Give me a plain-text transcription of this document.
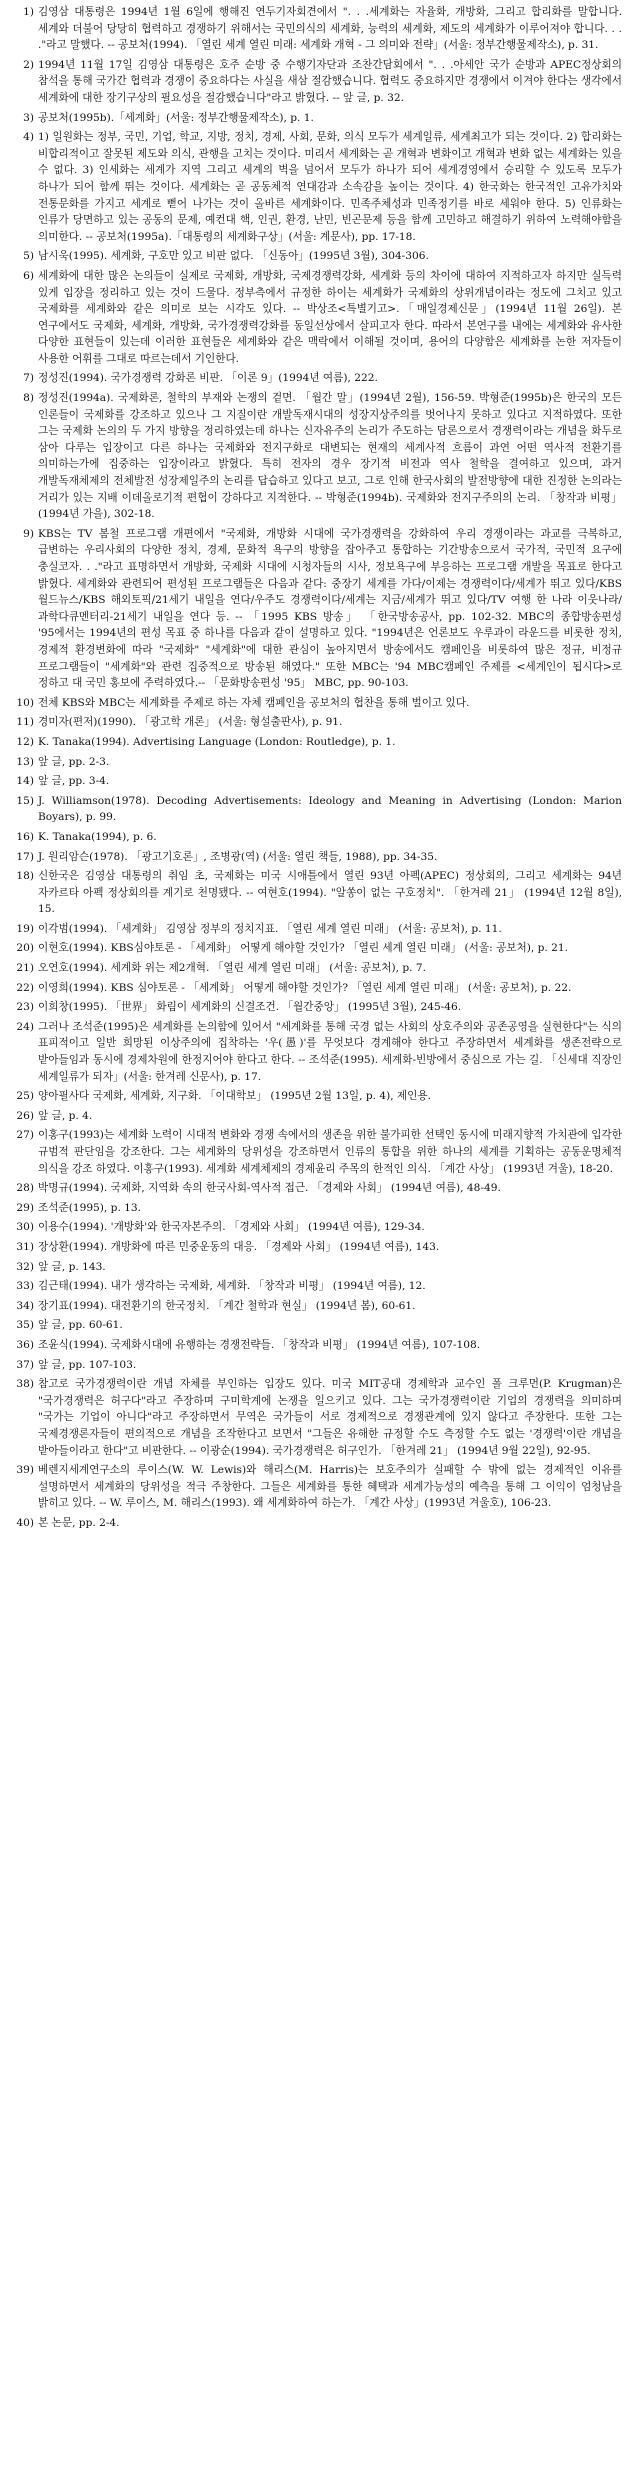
1) 김영삼 대통령은 1994년 1월 6일에 행해진 연두기자회견에서 ". . .세계화는 자율화, 개방화, 그리고 합리화를 말합니다. 세계와 더불어 당당히 협력하고 경쟁하기 위해서는 국민의식의 세계화, 능력의 세계화, 제도의 세계화가 이루어져야 합니다. . . ."라고 말했다. -- 공보처(1994). 「열린 세계 열린 미래: 세계화 개혁 - 그 의미와 전략」(서울: 정부간행물제작소), p. 31.
2) 1994년 11월 17일 김영삼 대통령은 호주 순방 중 수행기자단과 조찬간담회에서 ". . .아세안 국가 순방과 APEC정상회의 참석을 통해 국가간 협력과 경쟁이 중요하다는 사실을 새삼 절감했습니다. 협력도 중요하지만 경쟁에서 이겨야 한다는 생각에서 세계화에 대한 장기구상의 필요성을 절감했습니다"라고 밝혔다. -- 앞 글, p. 32.
3) 공보처(1995b).「세계화」(서울: 정부간행물제작소), p. 1.
4) 1) 일원화는 정부, 국민, 기업, 학교, 지방, 정치, 경제, 사회, 문화, 의식 모두가 세계일류, 세계최고가 되는 것이다. 2) 합리화는 비합리적이고 잘못된 제도와 의식, 관행을 고치는 것이다. 미리서 세계화는 곧 개혁과 변화이고 개혁과 변화 없는 세계화는 있을 수 없다. 3) 인세화는 세계가 지역 그리고 세계의 벽을 넘어서 모두가 하나가 되어 세계경영에서 승리할 수 있도록 모두가 하나가 되어 함께 뛰는 것이다. 세계화는 곧 공동체적 연대감과 소속감을 높이는 것이다. 4) 한국화는 한국적인 고유가치와 전통문화를 가지고 세계로 뻗어 나가는 것이 올바른 세계화이다. 민족주체성과 민족정기를 바로 세워야 한다. 5) 인류화는 인류가 당면하고 있는 공동의 문제, 예컨대 핵, 인권, 환경, 난민, 빈곤문제 등을 함께 고민하고 해결하기 위하여 노력해야함을 의미한다. -- 공보처(1995a).「대통령의 세계화구상」(서울: 계문사), pp. 17-18.
5) 남시욱(1995). 세계화, 구호만 있고 비판 없다. 「신동아」(1995년 3월), 304-306.
6) 세계화에 대한 많은 논의들이 실제로 국제화, 개방화, 국제경쟁력강화, 세계화 등의 차이에 대하여 지적하고자 하지만 실득력 있게 입장을 정리하고 있는 것이 드물다. 정부측에서 규정한 하이는 세계화가 국제화의 상위개념이라는 정도에 그치고 있고 국제화를 세계화와 같은 의미로 보는 시각도 있다. -- 박상조<특별기고>.「매일경제신문」(1994년 11월 26일). 본 연구에서도 국제화, 세계화, 개방화, 국가경쟁력강화를 동일선상에서 살피고자 한다. 따라서 본연구를 내에는 세계화와 유사한 다양한 표현들이 있는데 이러한 표현들은 세계화와 같은 맥락에서 이해될 것이며, 용어의 다양함은 세계화를 논한 저자들이 사용한 어휘를 그대로 따르는데서 기인한다.
7) 정성진(1994). 국가경쟁력 강화론 비판. 「이론 9」(1994년 여름), 222.
8) 정성진(1994a). 국제화론, 철학의 부재와 논쟁의 겉면. 「월간 말」(1994년 2월), 156-59. 박형준(1995b)은 한국의 모든 인론들이 국제화를 강조하고 있으나 그 지질이란 개발독재시대의 성장지상주의를 벗어나지 못하고 있다고 지적하였다. 또한 그는 국제화 논의의 두 가지 방향을 정리하였는데 하나는 신자유주의 논리가 주도하는 담론으로서 경쟁력이라는 개념을 화두로 삼아 다루는 입장이고 다른 하나는 국제화와 전지구화로 대변되는 현재의 세계사적 흐름이 과연 어떤 역사적 전환기를 의미하는가에 집중하는 입장이라고 밝혔다. 특히 전자의 경우 장기적 비전과 역사 철학을 결여하고 있으며, 과거 개발독재체제의 전체발전 성장제일주의 논리를 답습하고 있다고 보고, 그로 인해 한국사회의 발전방향에 대한 진정한 논의라는 거리가 있는 지배 이데올로기적 편협이 강하다고 지적한다. -- 박형준(1994b). 국제화와 전지구주의의 논리. 「창작과 비평」(1994년 가을), 302-18.
9) KBS는 TV 봄철 프로그램 개편에서 "국제화, 개방화 시대에 국가경쟁력을 강화하여 우리 경쟁이라는 과교를 극복하고, 급변하는 우리사회의 다양한 정치, 경제, 문화적 욕구의 방향을 잡아주고 통합하는 기간방송으로서 국가적, 국민적 요구에 충실코자. . ."라고 표명하면서 개방화, 국제화 시대에 시청자들의 시사, 정보욕구에 부응하는 프로그램 개발을 목표로 한다고 밝혔다. 세계화와 관련되어 편성된 프로그램들은 다음과 같다: 중장기 세계를 가다/이제는 경쟁력이다/세계가 뛰고 있다/KBS 월드뉴스/KBS 해외토픽/21세기 내일을 연다/우주도 경쟁력이다/세계는 지금/세계가 뛰고 있다/TV 여행 한 나라 이웃나라/과학다큐멘터리-21세기 내일을 연다 등. -- 「1995 KBS 방송」 「한국방송공사, pp. 102-32. MBC의 종합방송편성 '95에서는 1994년의 편성 목표 중 하나를 다음과 같이 설명하고 있다. "1994년은 언론보도 우루과이 라운드를 비롯한 정치, 경제적 환경변화에 따라 "국제화" "세계화"에 대한 관심이 높아지면서 방송에서도 캠페인을 비롯하여 많은 정규, 비정규 프로그램들이 "세계화"와 관련 집중적으로 방송된 해였다." 또한 MBC는 '94 MBC캠페인 주제를 <세계인이 됩시다>로 정하고 대 국민 홍보에 주력하였다.-- 「문화방송편성 '95」 MBC, pp. 90-103.
10) 전체 KBS와 MBC는 세계화를 주제로 하는 자체 캠페인을 공보처의 협찬을 통해 벌이고 있다.
11) 경미자(편저)(1990). 「광고학 개론」 (서울: 형설출판사), p. 91.
12) K. Tanaka(1994). Advertising Language (London: Routledge), p. 1.
13) 앞 글, pp. 2-3.
14) 앞 글, pp. 3-4.
15) J. Williamson(1978). Decoding Advertisements: Ideology and Meaning in Advertising (London: Marion Boyars), p. 99.
16) K. Tanaka(1994), p. 6.
17) J. 원리암슨(1978). 「광고기호론」, 조병광(역) (서울: 열린 책들, 1988), pp. 34-35.
18) 신한국은 김영삼 대통령의 취임 초, 국제화는 미국 시애틀에서 열린 93년 아펙(APEC) 정상회의, 그리고 세계화는 94년 자카르타 아펙 정상회의를 계기로 천명됐다. -- 여현호(1994). "알쏭이 없는 구호정치". 「한겨레 21」 (1994년 12월 8일), 15.
19) 이각범(1994). 「세계화」 김영삼 정부의 정치지표. 「열린 세계 열린 미래」 (서울: 공보처), p. 11.
20) 이현호(1994). KBS심야토론 - 「세계화」 어떻게 해야할 것인가? 「열린 세계 열린 미래」 (서울: 공보처), p. 21.
21) 오연호(1994). 세계화 위는 제2개혁. 「열린 세계 열린 미래」 (서울: 공보처), p. 7.
22) 이영희(1994). KBS 심야토론 - 「세계화」 어떻게 해야할 것인가? 「열린 세계 열린 미래」 (서울: 공보처), p. 22.
23) 이희창(1995). 「世界」 화림이 세계화의 신결조건. 「월간중앙」 (1995년 3월), 245-46.
24) 그러나 조석준(1995)은 세계화를 논의함에 있어서 "세계화를 통해 국경 없는 사회의 상호주의와 공존공영을 실현한다"는 식의 표피적이고 일반 희망된 이상주의에 집착하는 '우(愚)'를 무엇보다 경계해야 한다고 주장하면서 세계화를 생존전략으로 받아들임과 동시에 경제차원에 한정지어야 한다고 한다. -- 조석준(1995). 세계화-빈방에서 중심으로 가는 길. 「신세대 직장인 세계일류가 되자」(서울: 한겨레 신문사), p. 17.
25) 양아필사다 국제화, 세계화, 지구화. 「이대학보」 (1995년 2월 13일, p. 4), 제인용.
26) 앞 글, p. 4.
27) 이홍구(1993)는 세계화 노력이 시대적 변화와 경쟁 속에서의 생존을 위한 불가피한 선택인 동시에 미래지향적 가치관에 입각한 규범적 판단임을 강조한다. 그는 세계화의 당위성을 강조하면서 인류의 통합을 위한 하나의 세계를 기획하는 공동운명체적 의식을 강조 하였다. 이홍구(1993). 세계화 세계체제의 경제윤리 주목의 한적인 의식. 「계간 사상」 (1993년 겨울), 18-20.
28) 박명규(1994). 국제화, 지역화 속의 한국사회-역사적 접근. 「경제와 사회」 (1994년 여름), 48-49.
29) 조석준(1995), p. 13.
30) 이용수(1994). '개방화'와 한국자본주의. 「경제와 사회」 (1994년 여름), 129-34.
31) 장상환(1994). 개방화에 따른 민중운동의 대응. 「경제와 사회」 (1994년 여름), 143.
32) 앞 글, p. 143.
33) 김근태(1994). 내가 생각하는 국제화, 세계화. 「창작과 비평」 (1994년 여름), 12.
34) 장기표(1994). 대전환기의 한국정치. 「계간 철학과 현실」 (1994년 봄), 60-61.
35) 앞 글, pp. 60-61.
36) 조윤식(1994). 국제화시대에 유행하는 경쟁전략들. 「창작과 비평」 (1994년 여름), 107-108.
37) 앞 글, pp. 107-103.
38) 참고로 국가경쟁력이란 개념 자체를 부인하는 입장도 있다. 미국 MIT공대 경제학과 교수인 폴 크루먼(P. Krugman)은 "국가경쟁력은 허구다"라고 주장하며 구미학계에 논쟁을 일으키고 있다. 그는 국가경쟁력이란 기업의 경쟁력을 의미하며 "국가는 기업이 아니다"라고 주장하면서 무역은 국가들이 서로 경제적으로 경쟁관계에 있지 않다고 주장한다. 또한 그는 국제경쟁론자들이 편의적으로 개념을 조작한다고 보면서 "그들은 유해한 규정할 수도 측정할 수도 없는 '경쟁력'이란 개념을 받아들이라고 한다"고 비판한다. -- 이광순(1994). 국가경쟁력은 허구인가. 「한겨레 21」 (1994년 9월 22일), 92-95.
39) 베렌지세계연구소의 루이스(W. W. Lewis)와 해리스(M. Harris)는 보호주의가 실패할 수 밖에 없는 경제적인 이유를 설명하면서 세계화의 당위성을 적극 주창한다. 그들은 세계화를 통한 혜택과 세계가능성의 예측을 통해 그 이익이 엄청남을 밝히고 있다. -- W. 루이스, M. 해리스(1993). 왜 세계화하여 하는가. 「계간 사상」(1993년 겨울호), 106-23.
40) 본 논문, pp. 2-4.
